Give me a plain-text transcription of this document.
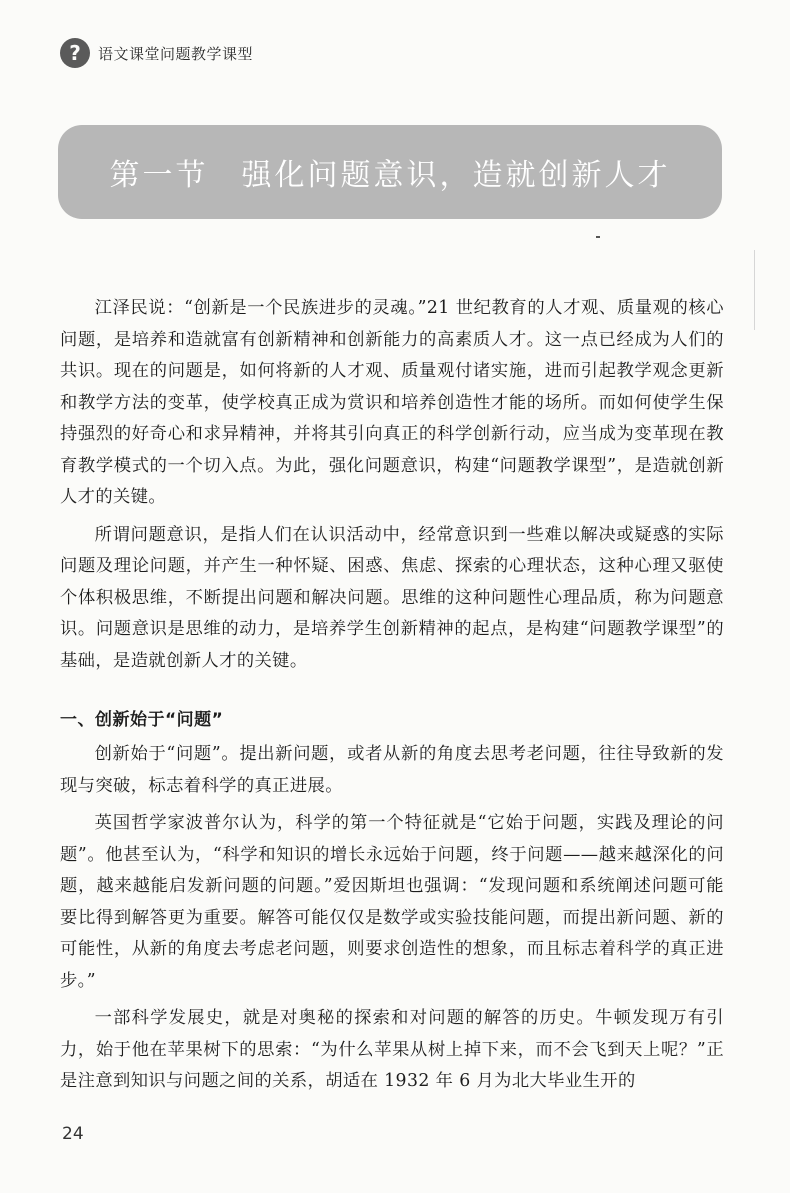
?	语文课堂问题教学课型
第一节　强化问题意识，造就创新人才

江泽民说：“创新是一个民族进步的灵魂。”21 世纪教育的人才观、质量观的核心问题，是培养和造就富有创新精神和创新能力的高素质人才。这一点已经成为人们的共识。现在的问题是，如何将新的人才观、质量观付诸实施，进而引起教学观念更新和教学方法的变革，使学校真正成为赏识和培养创造性才能的场所。而如何使学生保持强烈的好奇心和求异精神，并将其引向真正的科学创新行动，应当成为变革现在教育教学模式的一个切入点。为此，强化问题意识，构建“问题教学课型”，是造就创新人才的关键。

所谓问题意识，是指人们在认识活动中，经常意识到一些难以解决或疑惑的实际问题及理论问题，并产生一种怀疑、困惑、焦虑、探索的心理状态，这种心理又驱使个体积极思维，不断提出问题和解决问题。思维的这种问题性心理品质，称为问题意识。问题意识是思维的动力，是培养学生创新精神的起点，是构建“问题教学课型”的基础，是造就创新人才的关键。

一、创新始于“问题”

创新始于“问题”。提出新问题，或者从新的角度去思考老问题，往往导致新的发现与突破，标志着科学的真正进展。

英国哲学家波普尔认为，科学的第一个特征就是“它始于问题，实践及理论的问题”。他甚至认为，“科学和知识的增长永远始于问题，终于问题——越来越深化的问题，越来越能启发新问题的问题。”爱因斯坦也强调：“发现问题和系统阐述问题可能要比得到解答更为重要。解答可能仅仅是数学或实验技能问题，而提出新问题、新的可能性，从新的角度去考虑老问题，则要求创造性的想象，而且标志着科学的真正进步。”

一部科学发展史，就是对奥秘的探索和对问题的解答的历史。牛顿发现万有引力，始于他在苹果树下的思索：“为什么苹果从树上掉下来，而不会飞到天上呢？”正是注意到知识与问题之间的关系，胡适在 1932 年 6 月为北大毕业生开的

24
